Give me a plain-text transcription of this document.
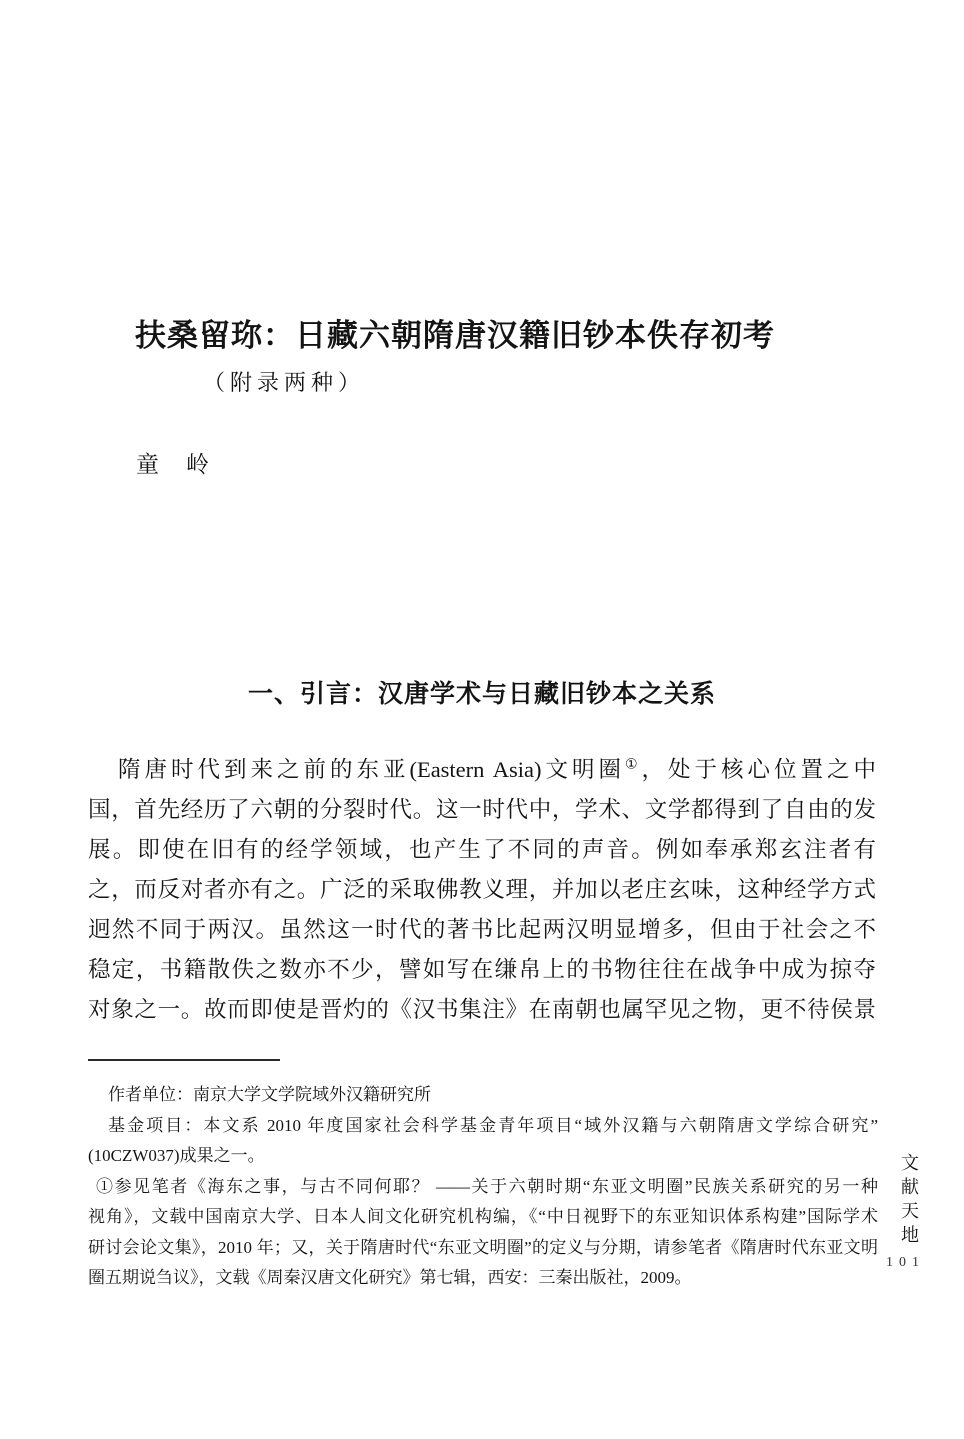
扶桑留珎：日藏六朝隋唐汉籍旧钞本佚存初考
（附录两种）
童　岭
一、引言：汉唐学术与日藏旧钞本之关系
隋唐时代到来之前的东亚(Eastern Asia)文明圈①，处于核心位置之中
国，首先经历了六朝的分裂时代。这一时代中，学术、文学都得到了自由的发
展。即使在旧有的经学领域，也产生了不同的声音。例如奉承郑玄注者有
之，而反对者亦有之。广泛的采取佛教义理，并加以老庄玄味，这种经学方式
迥然不同于两汉。虽然这一时代的著书比起两汉明显增多，但由于社会之不
稳定，书籍散佚之数亦不少，譬如写在缣帛上的书物往往在战争中成为掠夺
对象之一。故而即使是晋灼的《汉书集注》在南朝也属罕见之物，更不待侯景
作者单位：南京大学文学院域外汉籍研究所
基金项目：本文系 2010 年度国家社会科学基金青年项目“域外汉籍与六朝隋唐文学综合研究”
(10CZW037)成果之一。
①参见笔者《海东之事，与古不同何耶？ ——关于六朝时期“东亚文明圈”民族关系研究的另一种
视角》，文载中国南京大学、日本人间文化研究机构编，《“中日视野下的东亚知识体系构建”国际学术
研讨会论文集》，2010 年；又，关于隋唐时代“东亚文明圈”的定义与分期，请参笔者《隋唐时代东亚文明
圈五期说刍议》，文载《周秦汉唐文化研究》第七辑，西安：三秦出版社，2009。
文献天地
101
